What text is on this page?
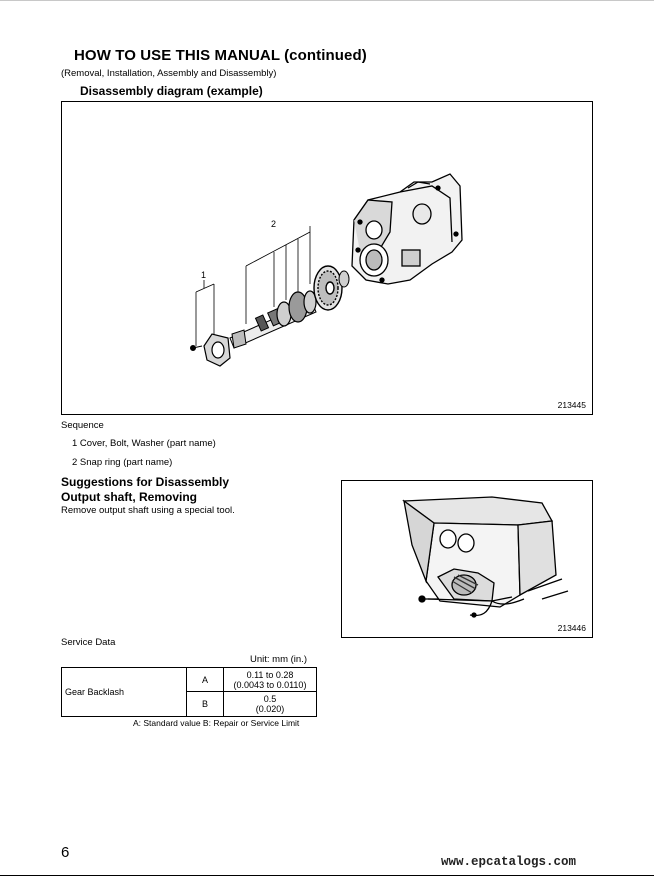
HOW TO USE THIS MANUAL (continued)
(Removal, Installation, Assembly and Disassembly)
Disassembly diagram (example)
2
1
213445
Sequence
1 Cover, Bolt, Washer (part name)
2 Snap ring (part name)
Suggestions for Disassembly
Output shaft, Removing
Remove output shaft using a special tool.
213446
Service Data
Unit: mm (in.)
Gear Backlash	A	0.11 to 0.28
(0.0043 to 0.0110)

	B	0.5
(0.020)
A: Standard value B: Repair or Service Limit
6
www.epcatalogs.com
